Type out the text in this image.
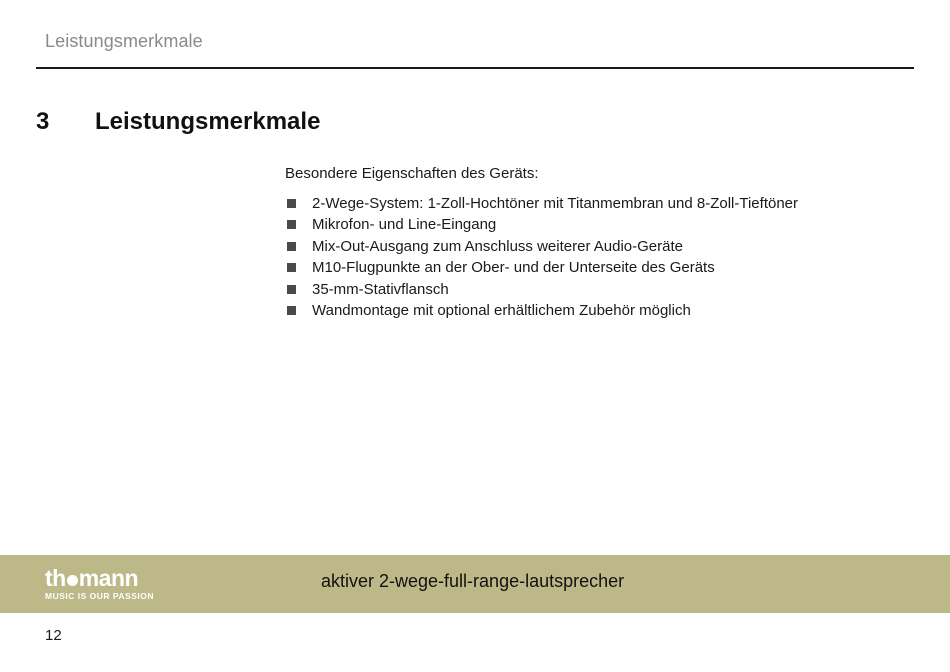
Leistungsmerkmale
3 Leistungsmerkmale

Besondere Eigenschaften des Geräts:

2-Wege-System: 1-Zoll-Hochtöner mit Titanmembran und 8-Zoll-Tieftöner
Mikrofon- und Line-Eingang
Mix-Out-Ausgang zum Anschluss weiterer Audio-Geräte
M10-Flugpunkte an der Ober- und der Unterseite des Geräts
35-mm-Stativflansch
Wandmontage mit optional erhältlichem Zubehör möglich
th mann
MUSIC IS OUR PASSION
aktiver 2-wege-full-range-lautsprecher
12
